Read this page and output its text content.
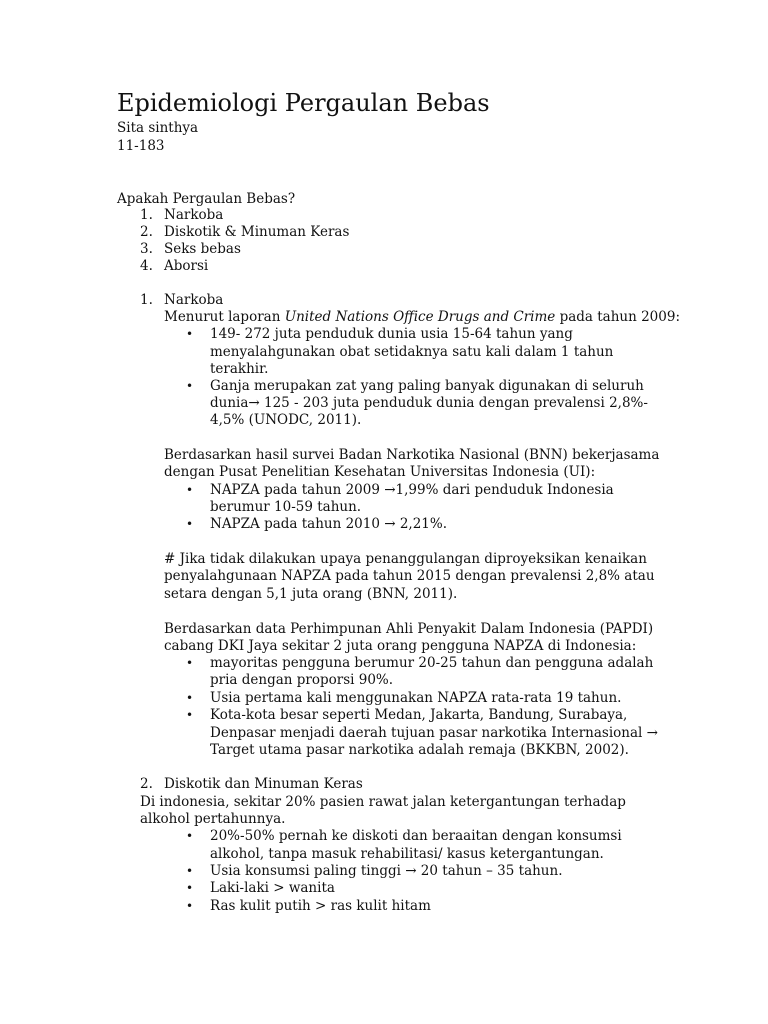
Epidemiologi Pergaulan Bebas
Sita sinthya
11-183
Apakah Pergaulan Bebas?
1. Narkoba
2. Diskotik & Minuman Keras
3. Seks bebas
4. Aborsi
1. Narkoba
Menurut laporan United Nations Office Drugs and Crime pada tahun 2009:
• 149- 272 juta penduduk dunia usia 15-64 tahun yang
menyalahgunakan obat setidaknya satu kali dalam 1 tahun
terakhir.
• Ganja merupakan zat yang paling banyak digunakan di seluruh
dunia→ 125 - 203 juta penduduk dunia dengan prevalensi 2,8%-
4,5% (UNODC, 2011).
Berdasarkan hasil survei Badan Narkotika Nasional (BNN) bekerjasama
dengan Pusat Penelitian Kesehatan Universitas Indonesia (UI):
• NAPZA pada tahun 2009 →1,99% dari penduduk Indonesia
berumur 10-59 tahun.
• NAPZA pada tahun 2010 → 2,21%.
# Jika tidak dilakukan upaya penanggulangan diproyeksikan kenaikan
penyalahgunaan NAPZA pada tahun 2015 dengan prevalensi 2,8% atau
setara dengan 5,1 juta orang (BNN, 2011).
Berdasarkan data Perhimpunan Ahli Penyakit Dalam Indonesia (PAPDI)
cabang DKI Jaya sekitar 2 juta orang pengguna NAPZA di Indonesia:
• mayoritas pengguna berumur 20-25 tahun dan pengguna adalah
pria dengan proporsi 90%.
• Usia pertama kali menggunakan NAPZA rata-rata 19 tahun.
• Kota-kota besar seperti Medan, Jakarta, Bandung, Surabaya,
Denpasar menjadi daerah tujuan pasar narkotika Internasional →
Target utama pasar narkotika adalah remaja (BKKBN, 2002).
2. Diskotik dan Minuman Keras
Di indonesia, sekitar 20% pasien rawat jalan ketergantungan terhadap
alkohol pertahunnya.
• 20%-50% pernah ke diskoti dan beraaitan dengan konsumsi
alkohol, tanpa masuk rehabilitasi/ kasus ketergantungan.
• Usia konsumsi paling tinggi → 20 tahun – 35 tahun.
• Laki-laki > wanita
• Ras kulit putih > ras kulit hitam
